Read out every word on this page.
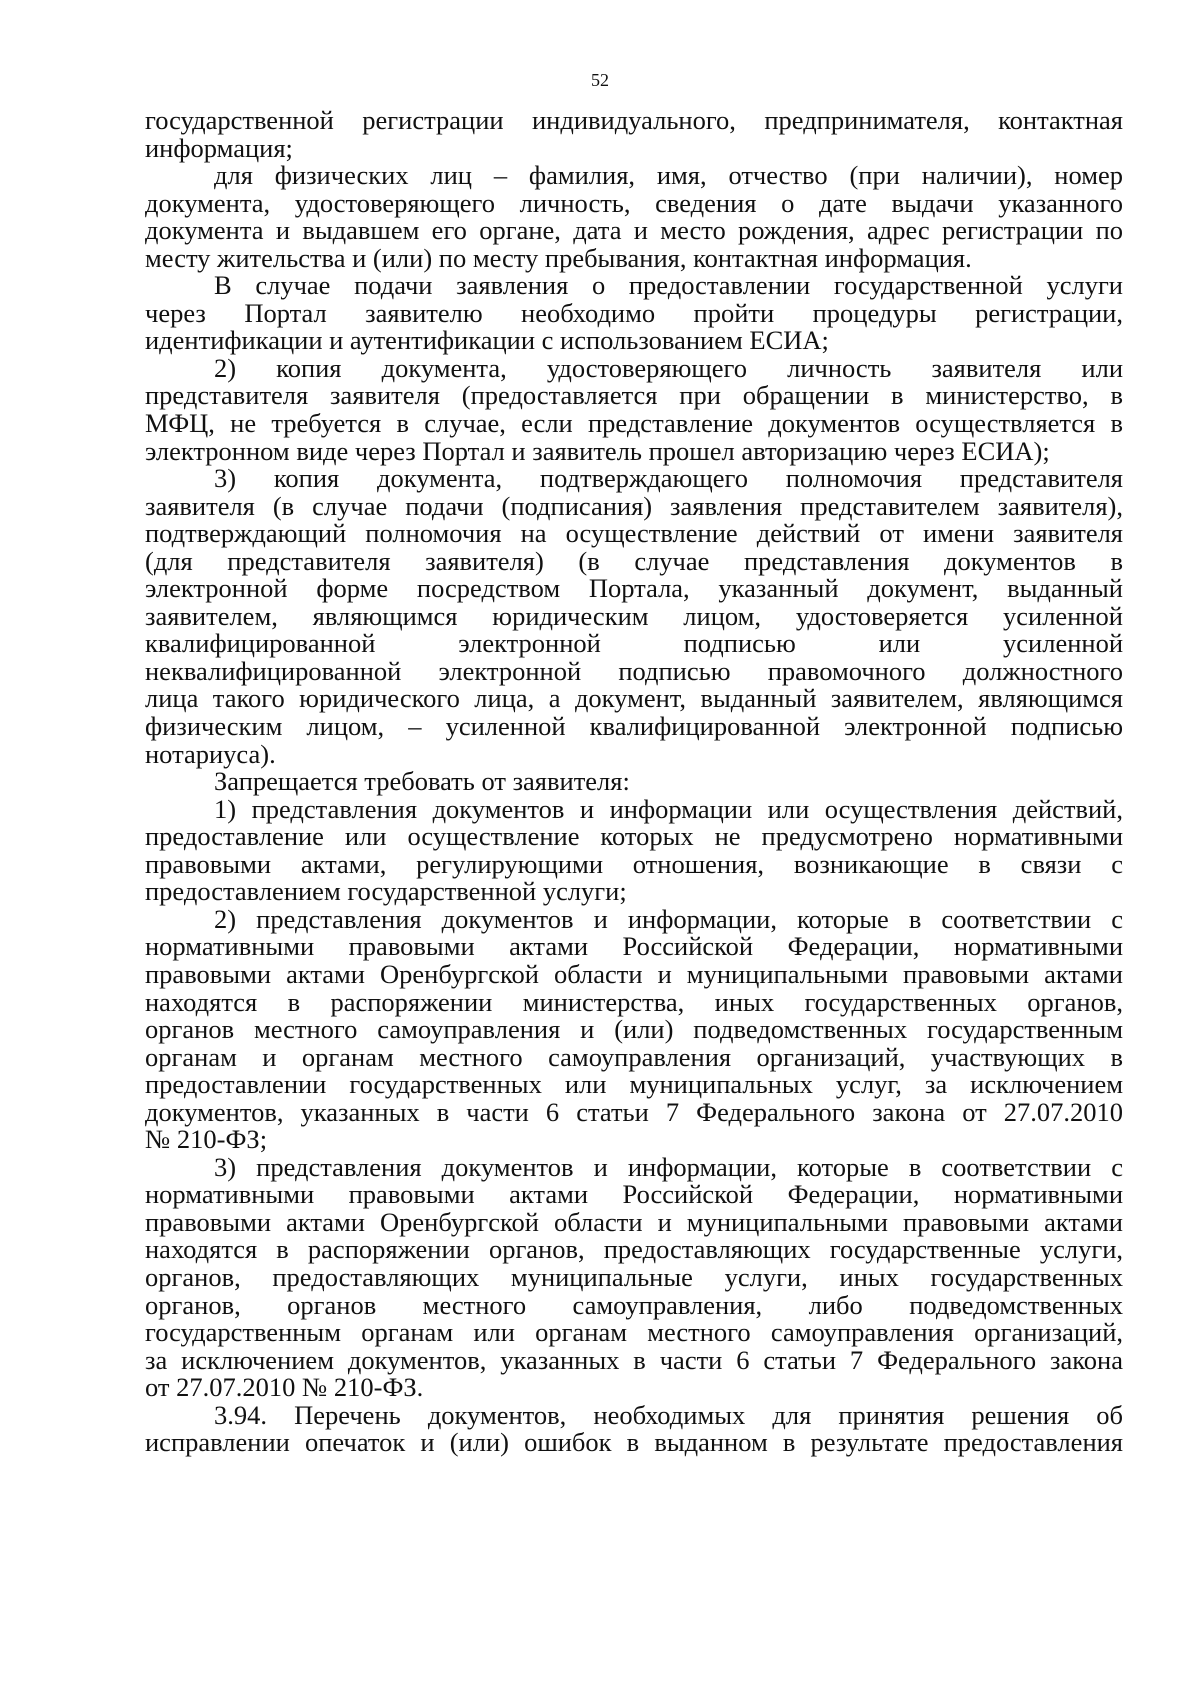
52
государственной регистрации индивидуального, предпринимателя, контактная
информация;
для физических лиц – фамилия, имя, отчество (при наличии), номер
документа, удостоверяющего личность, сведения о дате выдачи указанного
документа и выдавшем его органе, дата и место рождения, адрес регистрации по
месту жительства и (или) по месту пребывания, контактная информация.
В случае подачи заявления о предоставлении государственной услуги
через Портал заявителю необходимо пройти процедуры регистрации,
идентификации и аутентификации с использованием ЕСИА;
2) копия документа, удостоверяющего личность заявителя или
представителя заявителя (предоставляется при обращении в министерство, в
МФЦ, не требуется в случае, если представление документов осуществляется в
электронном виде через Портал и заявитель прошел авторизацию через ЕСИА);
3) копия документа, подтверждающего полномочия представителя
заявителя (в случае подачи (подписания) заявления представителем заявителя),
подтверждающий полномочия на осуществление действий от имени заявителя
(для представителя заявителя) (в случае представления документов в
электронной форме посредством Портала, указанный документ, выданный
заявителем, являющимся юридическим лицом, удостоверяется усиленной
квалифицированной электронной подписью или усиленной
неквалифицированной электронной подписью правомочного должностного
лица такого юридического лица, а документ, выданный заявителем, являющимся
физическим лицом, – усиленной квалифицированной электронной подписью
нотариуса).
Запрещается требовать от заявителя:
1) представления документов и информации или осуществления действий,
предоставление или осуществление которых не предусмотрено нормативными
правовыми актами, регулирующими отношения, возникающие в связи с
предоставлением государственной услуги;
2) представления документов и информации, которые в соответствии с
нормативными правовыми актами Российской Федерации, нормативными
правовыми актами Оренбургской области и муниципальными правовыми актами
находятся в распоряжении министерства, иных государственных органов,
органов местного самоуправления и (или) подведомственных государственным
органам и органам местного самоуправления организаций, участвующих в
предоставлении государственных или муниципальных услуг, за исключением
документов, указанных в части 6 статьи 7 Федерального закона от 27.07.2010
№ 210-ФЗ;
3) представления документов и информации, которые в соответствии с
нормативными правовыми актами Российской Федерации, нормативными
правовыми актами Оренбургской области и муниципальными правовыми актами
находятся в распоряжении органов, предоставляющих государственные услуги,
органов, предоставляющих муниципальные услуги, иных государственных
органов, органов местного самоуправления, либо подведомственных
государственным органам или органам местного самоуправления организаций,
за исключением документов, указанных в части 6 статьи 7 Федерального закона
от 27.07.2010 № 210-ФЗ.
3.94. Перечень документов, необходимых для принятия решения об
исправлении опечаток и (или) ошибок в выданном в результате предоставления
